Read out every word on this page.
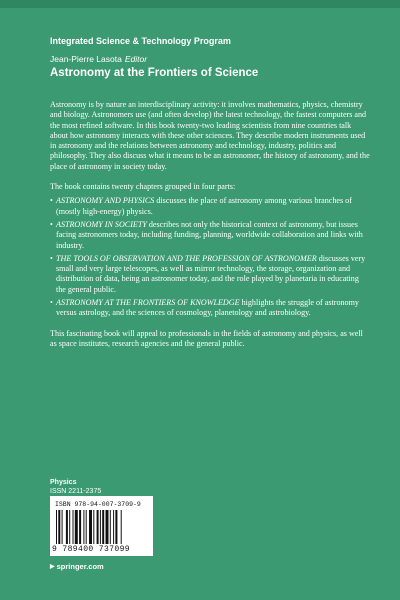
Integrated Science & Technology Program
Jean-Pierre Lasota Editor
Astronomy at the Frontiers of Science

Astronomy is by nature an interdisciplinary activity: it involves mathematics, physics, chemistry and biology. Astronomers use (and often develop) the latest technology, the fastest computers and the most refined software. In this book twenty-two leading scientists from nine countries talk about how astronomy interacts with these other sciences. They describe modern instruments used in astronomy and the relations between astronomy and technology, industry, politics and philosophy. They also discuss what it means to be an astronomer, the history of astronomy, and the place of astronomy in society today.

The book contains twenty chapters grouped in four parts:

• ASTRONOMY AND PHYSICS discusses the place of astronomy among various branches of (mostly high-energy) physics.
• ASTRONOMY IN SOCIETY describes not only the historical context of astronomy, but issues facing astronomers today, including funding, planning, worldwide collaboration and links with industry.
• THE TOOLS OF OBSERVATION AND THE PROFESSION OF ASTRONOMER discusses very small and very large telescopes, as well as mirror technology, the storage, organization and distribution of data, being an astronomer today, and the role played by planetaria in educating the general public.
• ASTRONOMY AT THE FRONTIERS OF KNOWLEDGE highlights the struggle of astronomy versus astrology, and the sciences of cosmology, planetology and astrobiology.

This fascinating book will appeal to professionals in the fields of astronomy and physics, as well as space institutes, research agencies and the general public.

Physics
ISSN 2211-2375
ISBN 978-94-007-3709-9
9 789400 737099
▶ springer.com
